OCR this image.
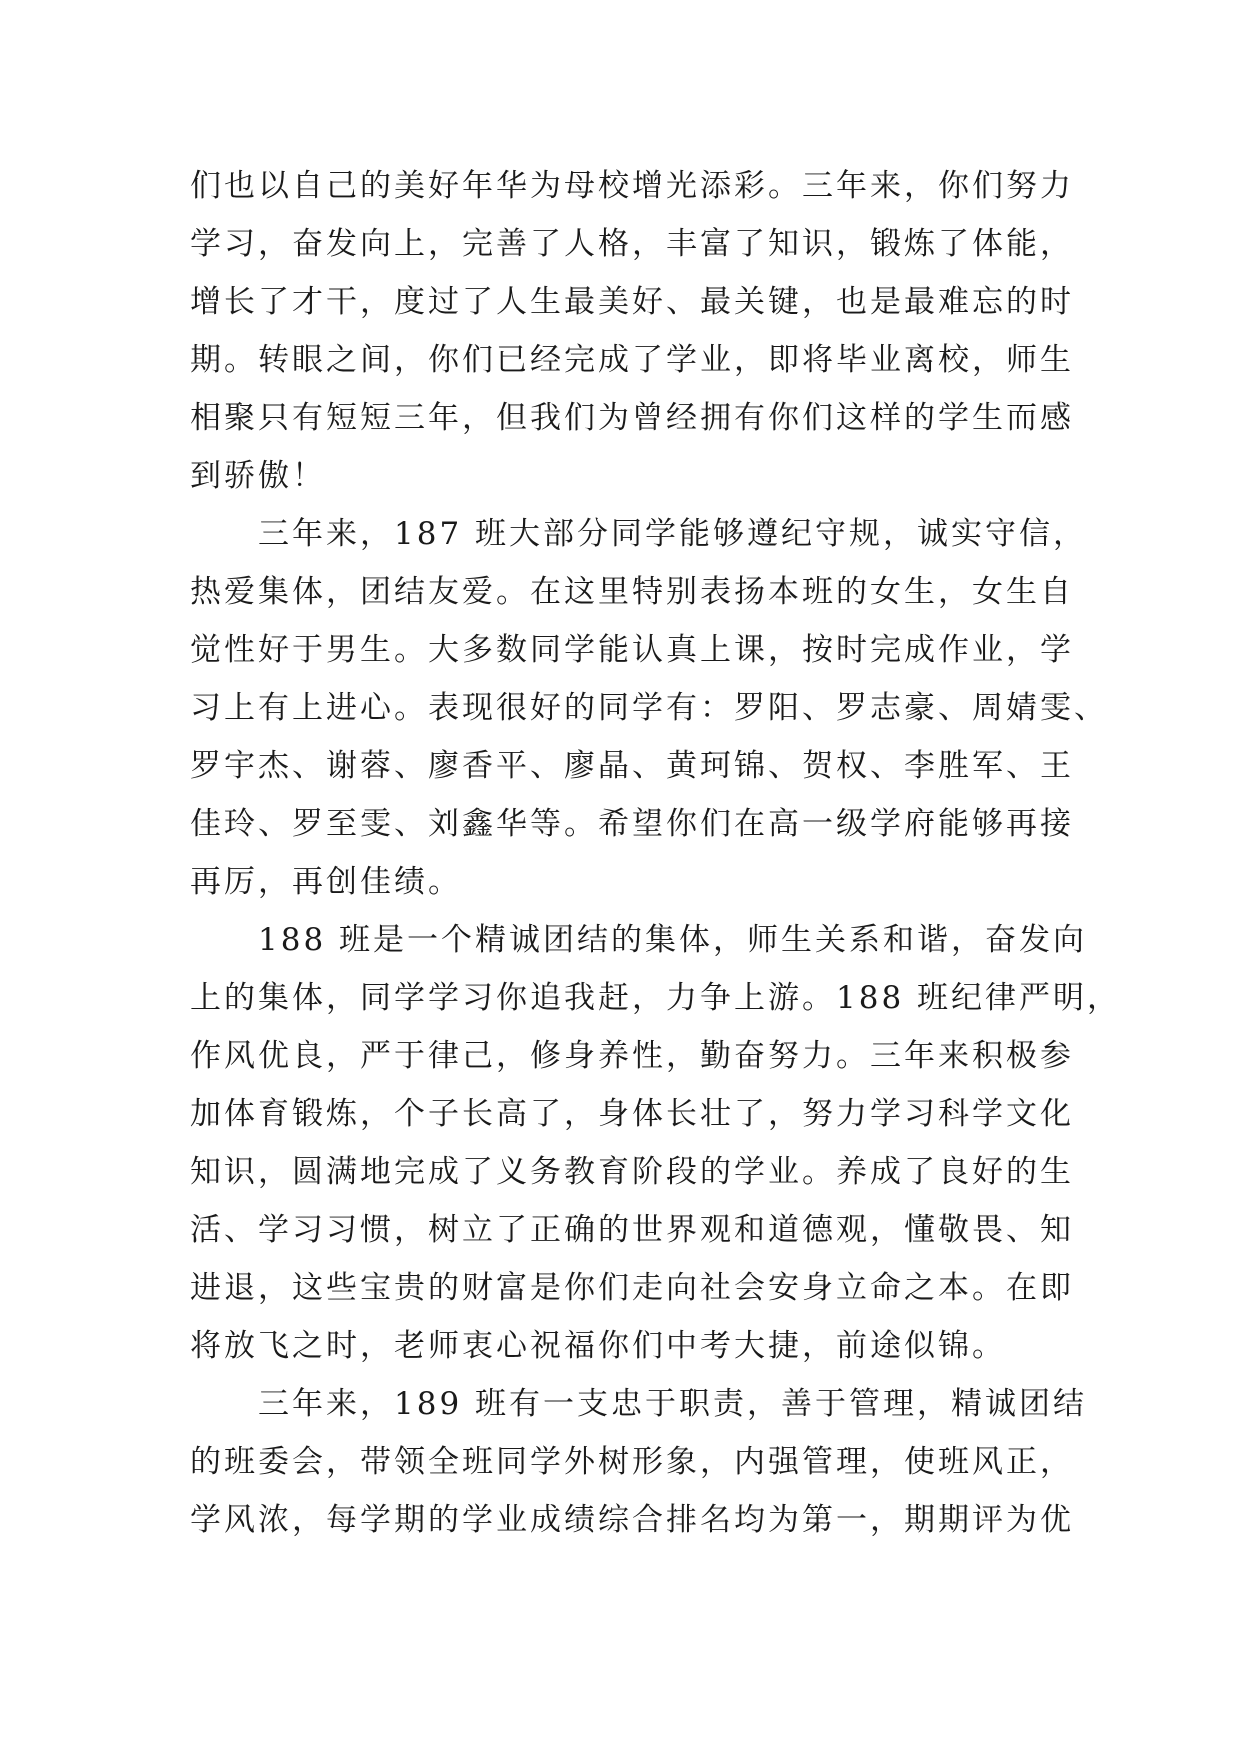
们也以自己的美好年华为母校增光添彩。三年来，你们努力
学习，奋发向上，完善了人格，丰富了知识，锻炼了体能，
增长了才干，度过了人生最美好、最关键，也是最难忘的时
期。转眼之间，你们已经完成了学业，即将毕业离校，师生
相聚只有短短三年，但我们为曾经拥有你们这样的学生而感
到骄傲！
　　三年来，187 班大部分同学能够遵纪守规，诚实守信，
热爱集体，团结友爱。在这里特别表扬本班的女生，女生自
觉性好于男生。大多数同学能认真上课，按时完成作业，学
习上有上进心。表现很好的同学有：罗阳、罗志豪、周婧雯、
罗宇杰、谢蓉、廖香平、廖晶、黄珂锦、贺权、李胜军、王
佳玲、罗至雯、刘鑫华等。希望你们在高一级学府能够再接
再厉，再创佳绩。
　　188 班是一个精诚团结的集体，师生关系和谐，奋发向
上的集体，同学学习你追我赶，力争上游。188 班纪律严明，
作风优良，严于律己，修身养性，勤奋努力。三年来积极参
加体育锻炼，个子长高了，身体长壮了，努力学习科学文化
知识，圆满地完成了义务教育阶段的学业。养成了良好的生
活、学习习惯，树立了正确的世界观和道德观，懂敬畏、知
进退，这些宝贵的财富是你们走向社会安身立命之本。在即
将放飞之时，老师衷心祝福你们中考大捷，前途似锦。
　　三年来，189 班有一支忠于职责，善于管理，精诚团结
的班委会，带领全班同学外树形象，内强管理，使班风正，
学风浓，每学期的学业成绩综合排名均为第一，期期评为优
